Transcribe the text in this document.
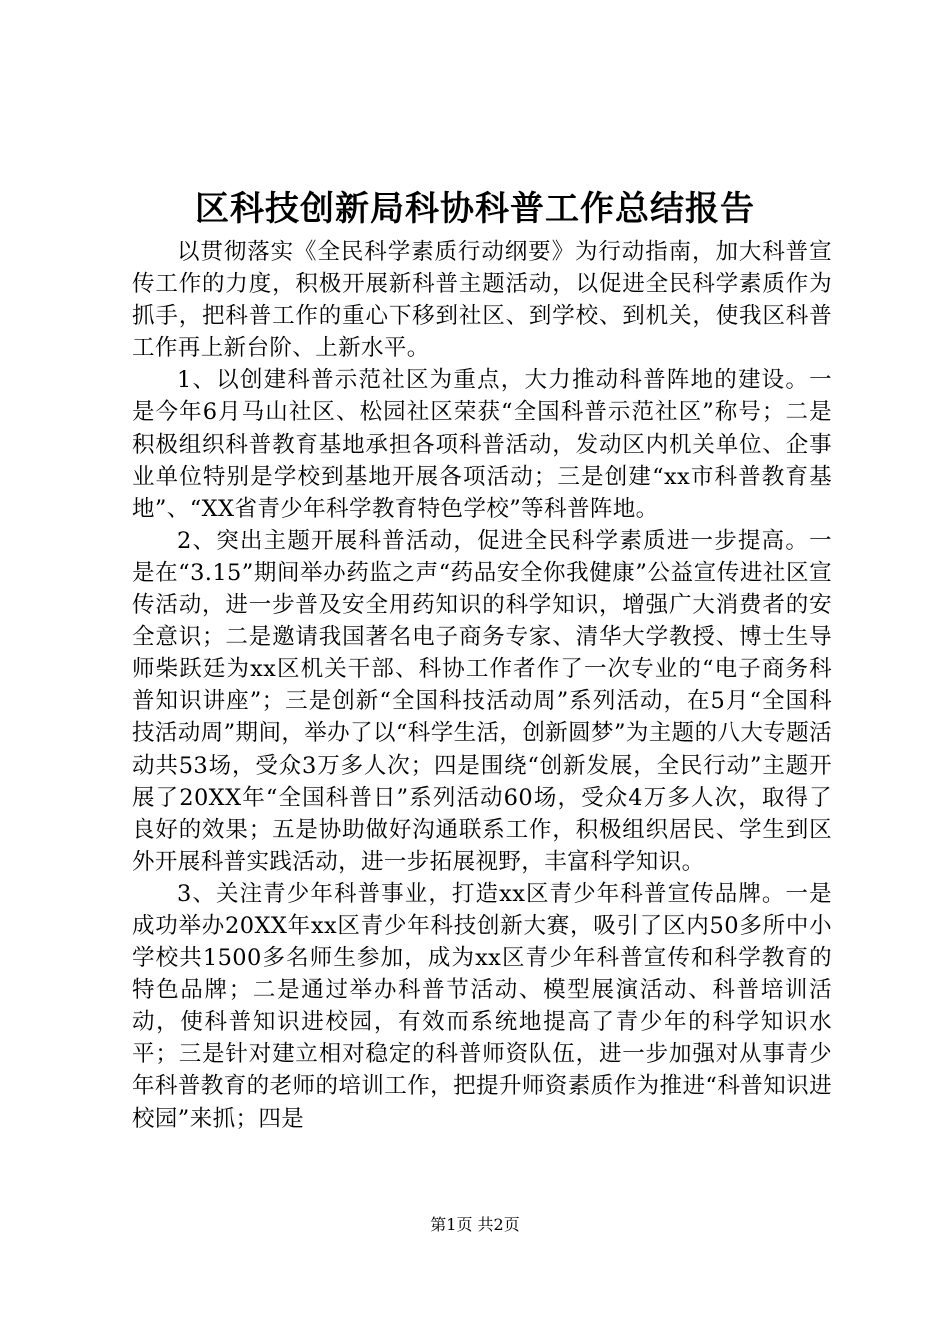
区科技创新局科协科普工作总结报告

以贯彻落实《全民科学素质行动纲要》为行动指南，加大科普宣传工作的力度，积极开展新科普主题活动，以促进全民科学素质作为抓手，把科普工作的重心下移到社区、到学校、到机关，使我区科普工作再上新台阶、上新水平。

1、以创建科普示范社区为重点，大力推动科普阵地的建设。一是今年6月马山社区、松园社区荣获“全国科普示范社区”称号；二是积极组织科普教育基地承担各项科普活动，发动区内机关单位、企事业单位特别是学校到基地开展各项活动；三是创建“xx市科普教育基地”、“XX省青少年科学教育特色学校”等科普阵地。

2、突出主题开展科普活动，促进全民科学素质进一步提高。一是在“3.15”期间举办药监之声“药品安全你我健康”公益宣传进社区宣传活动，进一步普及安全用药知识的科学知识，增强广大消费者的安全意识；二是邀请我国著名电子商务专家、清华大学教授、博士生导师柴跃廷为xx区机关干部、科协工作者作了一次专业的“电子商务科普知识讲座”；三是创新“全国科技活动周”系列活动，在5月“全国科技活动周”期间，举办了以“科学生活，创新圆梦”为主题的八大专题活动共53场，受众3万多人次；四是围绕“创新发展，全民行动”主题开展了20XX年“全国科普日”系列活动60场，受众4万多人次，取得了良好的效果；五是协助做好沟通联系工作，积极组织居民、学生到区外开展科普实践活动，进一步拓展视野，丰富科学知识。

3、关注青少年科普事业，打造xx区青少年科普宣传品牌。一是成功举办20XX年xx区青少年科技创新大赛，吸引了区内50多所中小学校共1500多名师生参加，成为xx区青少年科普宣传和科学教育的特色品牌；二是通过举办科普节活动、模型展演活动、科普培训活动，使科普知识进校园，有效而系统地提高了青少年的科学知识水平；三是针对建立相对稳定的科普师资队伍，进一步加强对从事青少年科普教育的老师的培训工作，把提升师资素质作为推进“科普知识进校园”来抓；四是

第1页 共2页
